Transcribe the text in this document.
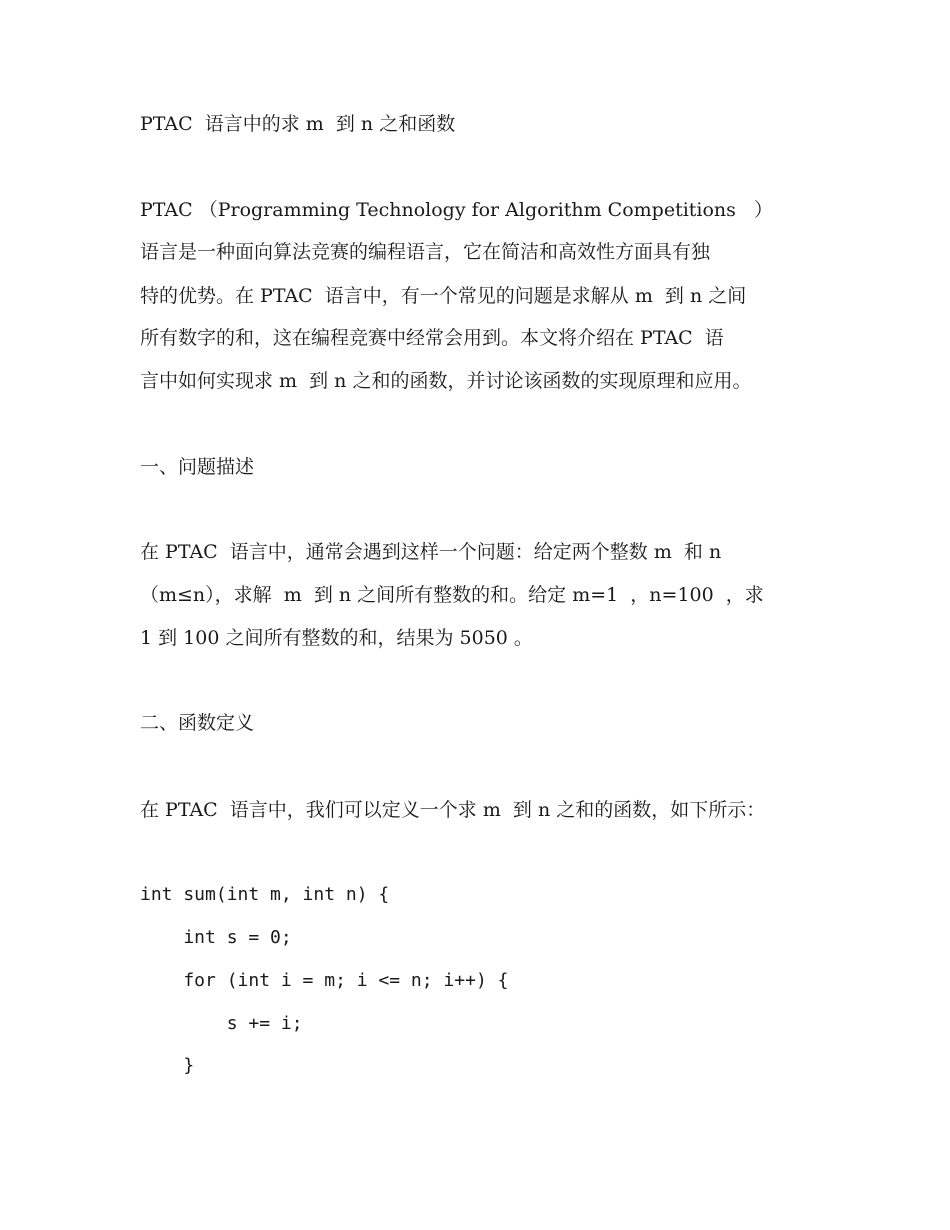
PTAC  语言中的求 m  到 n 之和函数
PTAC （Programming Technology for Algorithm Competitions   ）
语言是一种面向算法竞赛的编程语言，它在简洁和高效性方面具有独
特的优势。在 PTAC  语言中，有一个常见的问题是求解从 m  到 n 之间
所有数字的和，这在编程竞赛中经常会用到。本文将介绍在 PTAC  语
言中如何实现求 m  到 n 之和的函数，并讨论该函数的实现原理和应用。
一、问题描述
在 PTAC  语言中，通常会遇到这样一个问题：给定两个整数 m  和 n
（m≤n），求解  m  到 n 之间所有整数的和。给定 m=1  ，n=100  ，求
1 到 100 之间所有整数的和，结果为 5050 。
二、函数定义
在 PTAC  语言中，我们可以定义一个求 m  到 n 之和的函数，如下所示：
int sum(int m, int n) {
int s = 0;
for (int i = m; i <= n; i++) {
s += i;
}
